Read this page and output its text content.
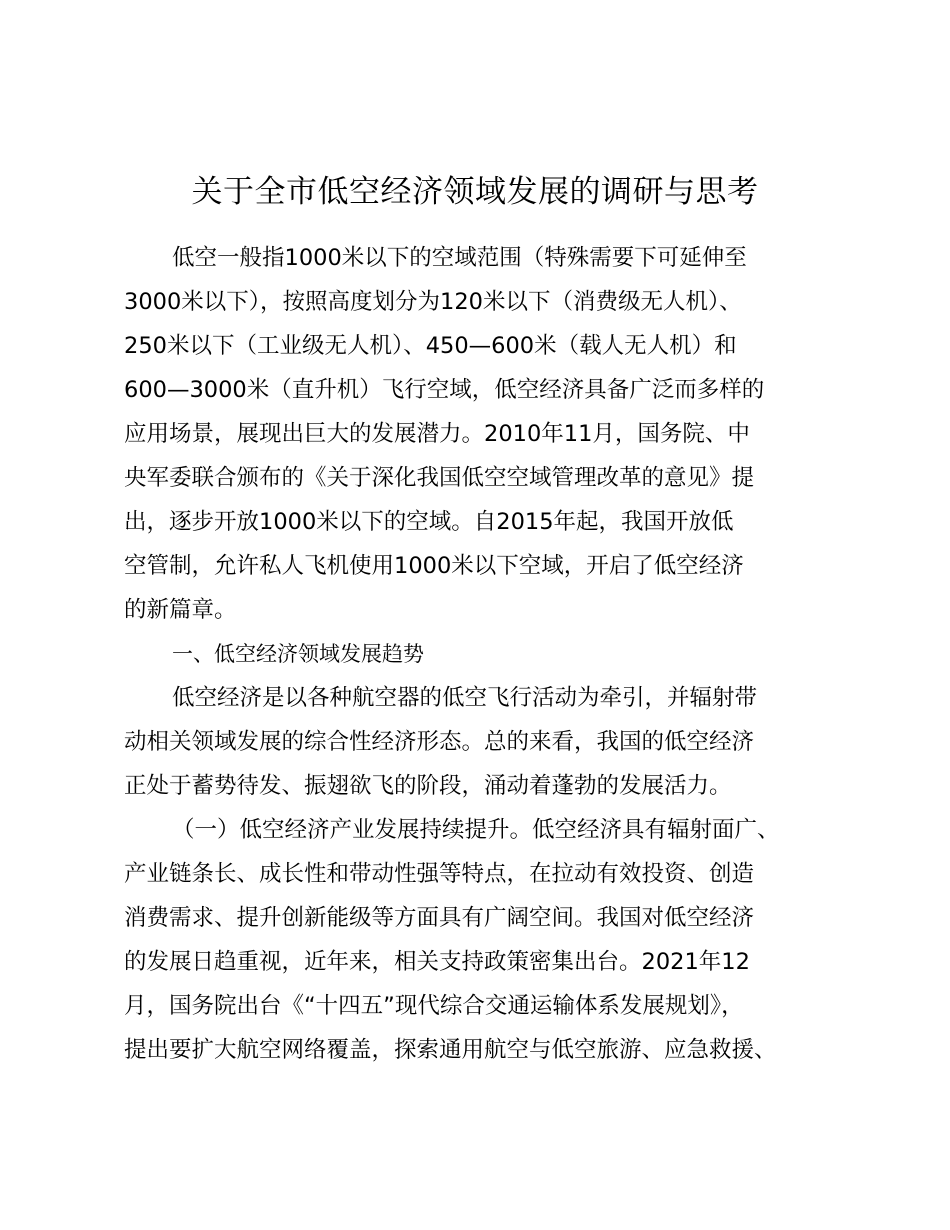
关于全市低空经济领域发展的调研与思考
低空一般指1000米以下的空域范围（特殊需要下可延伸至
3000米以下），按照高度划分为120米以下（消费级无人机）、
250米以下（工业级无人机）、450—600米（载人无人机）和
600—3000米（直升机）飞行空域，低空经济具备广泛而多样的
应用场景，展现出巨大的发展潜力。2010年11月，国务院、中
央军委联合颁布的《关于深化我国低空空域管理改革的意见》提
出，逐步开放1000米以下的空域。自2015年起，我国开放低
空管制，允许私人飞机使用1000米以下空域，开启了低空经济
的新篇章。
一、低空经济领域发展趋势
低空经济是以各种航空器的低空飞行活动为牵引，并辐射带
动相关领域发展的综合性经济形态。总的来看，我国的低空经济
正处于蓄势待发、振翅欲飞的阶段，涌动着蓬勃的发展活力。
（一）低空经济产业发展持续提升。低空经济具有辐射面广、
产业链条长、成长性和带动性强等特点，在拉动有效投资、创造
消费需求、提升创新能级等方面具有广阔空间。我国对低空经济
的发展日趋重视，近年来，相关支持政策密集出台。2021年12
月，国务院出台《“十四五”现代综合交通运输体系发展规划》，
提出要扩大航空网络覆盖，探索通用航空与低空旅游、应急救援、
